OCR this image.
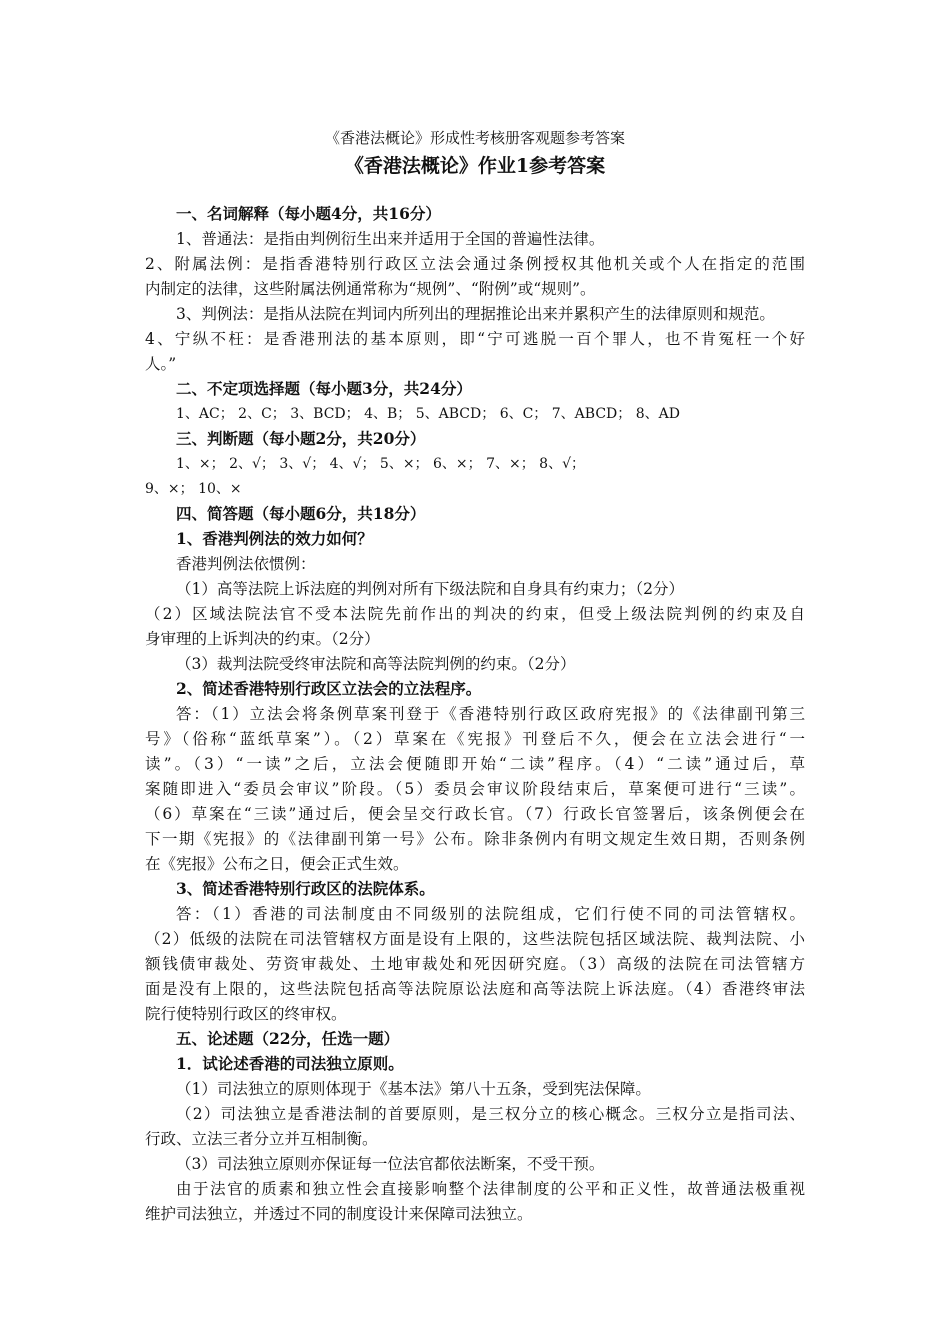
《香港法概论》形成性考核册客观题参考答案
《香港法概论》作业1参考答案
一、名词解释（每小题4分，共16分）
1、普通法：是指由判例衍生出来并适用于全国的普遍性法律。
2、附属法例：是指香港特别行政区立法会通过条例授权其他机关或个人在指定的范围
内制定的法律，这些附属法例通常称为“规例”、“附例”或“规则”。
3、判例法：是指从法院在判词内所列出的理据推论出来并累积产生的法律原则和规范。
4、宁纵不枉：是香港刑法的基本原则，即“宁可逃脱一百个罪人，也不肯冤枉一个好
人。”
二、不定项选择题（每小题3分，共24分）
1、AC； 2、C； 3、BCD； 4、B； 5、ABCD； 6、C； 7、ABCD； 8、AD
三、判断题（每小题2分，共20分）
1、×； 2、√； 3、√； 4、√； 5、×； 6、×； 7、×； 8、√；
9、×； 10、×
四、简答题（每小题6分，共18分）
1、香港判例法的效力如何？
香港判例法依惯例：
（1）高等法院上诉法庭的判例对所有下级法院和自身具有约束力；（2分）
（2）区域法院法官不受本法院先前作出的判决的约束，但受上级法院判例的约束及自
身审理的上诉判决的约束。（2分）
（3）裁判法院受终审法院和高等法院判例的约束。（2分）
2、简述香港特别行政区立法会的立法程序。
答：（1）立法会将条例草案刊登于《香港特别行政区政府宪报》的《法律副刊第三
号》（俗称“蓝纸草案”）。（2）草案在《宪报》刊登后不久，便会在立法会进行“一
读”。（3）“一读”之后，立法会便随即开始“二读”程序。（4）“二读”通过后，草
案随即进入“委员会审议”阶段。（5）委员会审议阶段结束后，草案便可进行“三读”。
（6）草案在“三读”通过后，便会呈交行政长官。（7）行政长官签署后，该条例便会在
下一期《宪报》的《法律副刊第一号》公布。除非条例内有明文规定生效日期，否则条例
在《宪报》公布之日，便会正式生效。
3、简述香港特别行政区的法院体系。
答：（1）香港的司法制度由不同级别的法院组成，它们行使不同的司法管辖权。
（2）低级的法院在司法管辖权方面是设有上限的，这些法院包括区域法院、裁判法院、小
额钱债审裁处、劳资审裁处、土地审裁处和死因研究庭。（3）高级的法院在司法管辖方
面是没有上限的，这些法院包括高等法院原讼法庭和高等法院上诉法庭。（4）香港终审法
院行使特别行政区的终审权。
五、论述题（22分，任选一题）
1．试论述香港的司法独立原则。
（1）司法独立的原则体现于《基本法》第八十五条，受到宪法保障。
（2）司法独立是香港法制的首要原则，是三权分立的核心概念。三权分立是指司法、
行政、立法三者分立并互相制衡。
（3）司法独立原则亦保证每一位法官都依法断案，不受干预。
由于法官的质素和独立性会直接影响整个法律制度的公平和正义性，故普通法极重视
维护司法独立，并透过不同的制度设计来保障司法独立。
